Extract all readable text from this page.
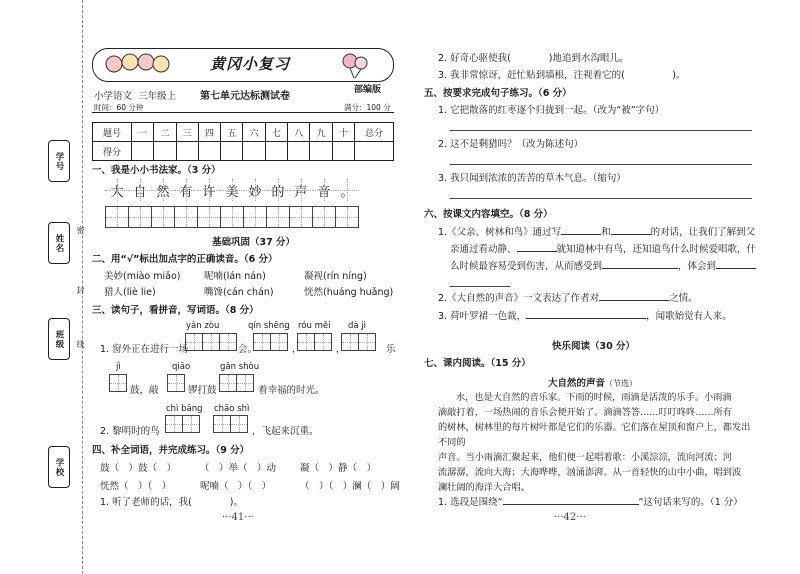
学号
姓名
班级
学校
密
封
线
黄冈小复习
部编版
小学语文 三年级上 第七单元达标测试卷
时间：60 分钟	满分：100 分
题号	一	二	三	四	五	六	七	八	九	十	总分
得分											
一、我是小小书法家。（3 分）
大 自 然 有 许 美 妙 的 声 音 。
基础巩固（37 分）
二、用“√”标出加点字的正确读音。（6 分）
美妙(miào miǎo) 呢喃(lán nán)	凝视(rín níng)
猎人(liè lie)	嘴馋(cán chán)	恍然(huáng huǎng)
三、读句子，看拼音，写词语。（8 分）
yǎn zòu	qín shēng róu měi dà jì
1. 窗外正在进行一场	会。	，	，	乐
jì	qiāo	gǎn shòu
鼓，敲	锣打鼓	着幸福的时光。
chì bǎng chāo shì
2. 黎明时的鸟	，飞起来沉重。
四、补全词语，并完成练习。（9 分）
鼓（　）鼓（　）	（　）举（　）动	凝（　）静（　）
恍然（　）（　）	呢喃（　）（　）	（　）（　）澜（　）阔
1. 听了老师的话，我(　　　　)。
···41···
2. 好奇心驱使我(　　　　)地追到水沟眼儿。
3. 我非常惊讶，赶忙贴到墙根，注视着它的(　　　　　)。
五、按要求完成句子练习。（6 分）
1. 它把散落的红枣逐个归拢到一起。（改为“被”字句）
2. 这不是剩猎吗？（改为陈述句）
3. 我只闻到浓浓的苦苦的草木气息。（缩句）
六、按课文内容填空。（8 分）
1.《父亲、树林和鸟》通过写	和	的对话，让我们了解到父
亲通过看动静、	就知道林中有鸟，还知道鸟什么时候爱唱歌，什
么时候最容易受到伤害，从而感受到	，体会到
2.《大自然的声音》一文表达了作者对	之情。
3. 荷叶罗裙一色裁，	，闻歌始觉有人来。
快乐阅读（30 分）
七、课内阅读。（15 分）
大自然的声音（节选）
水，也是大自然的音乐家。下雨的时候，雨滴是活泼的乐手。小雨滴
滴敲打着，一场热闹的音乐会便开始了。滴滴答答……叮叮咚咚……所有
的树林，树林里的每片树叶都是它们的乐器。它们落在屋顶和窗户上，都发出不同的
声音。当小雨滴汇聚起来，他们便一起唱着歌：小溪淙淙，流向河流；河
流潺潺，流向大海；大海哗哗，汹涌澎湃。从一首轻快的山中小曲，唱到波
澜壮阔的海洋大合唱。
1. 选段是围绕“	”这句话来写的。（1 分）
···42···
